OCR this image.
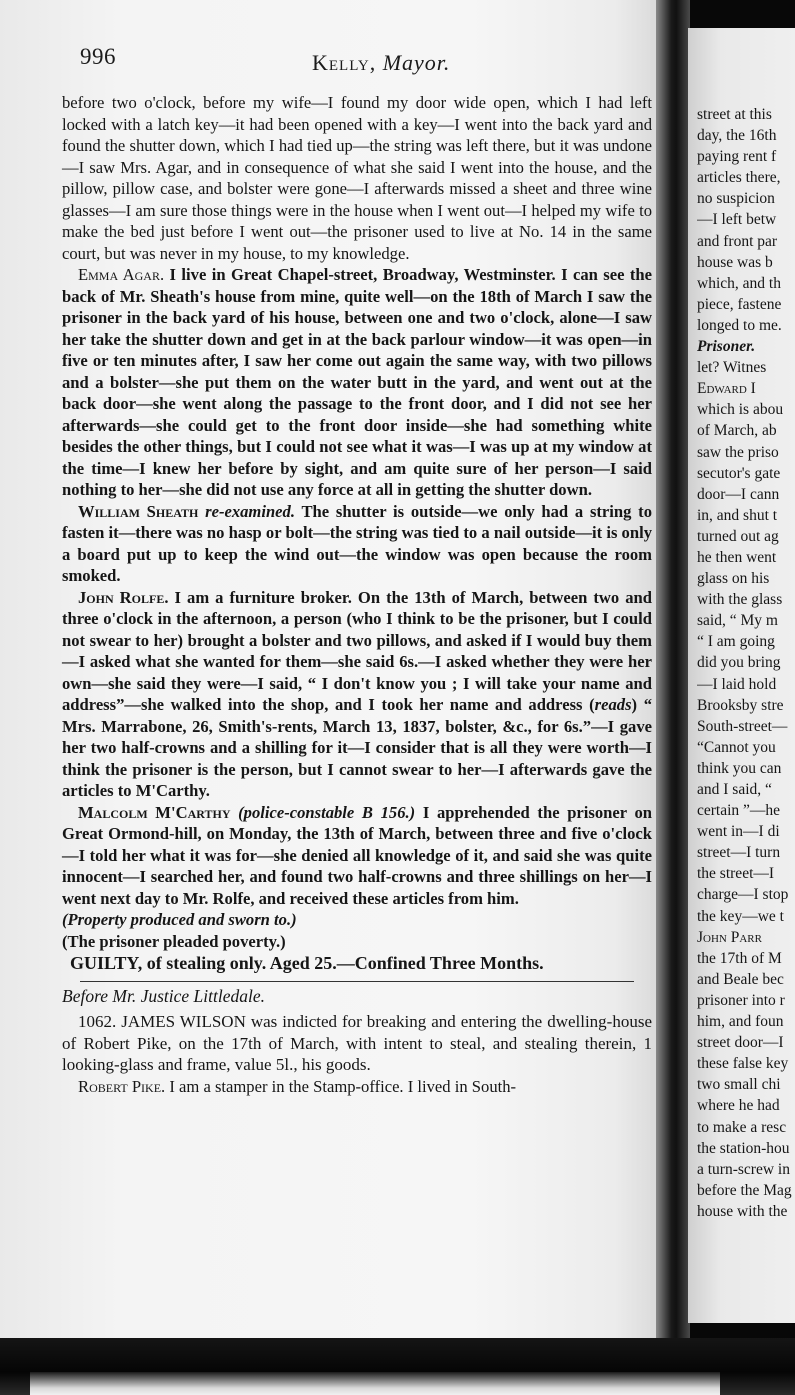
996	Kelly, Mayor.

before two o'clock, before my wife—I found my door wide open, which I had left locked with a latch key—it had been opened with a key—I went into the back yard and found the shutter down, which I had tied up—the string was left there, but it was undone—I saw Mrs. Agar, and in consequence of what she said I went into the house, and the pillow, pillow case, and bolster were gone—I afterwards missed a sheet and three wine glasses—I am sure those things were in the house when I went out—I helped my wife to make the bed just before I went out—the prisoner used to live at No. 14 in the same court, but was never in my house, to my knowledge.

Emma Agar. I live in Great Chapel-street, Broadway, Westminster. I can see the back of Mr. Sheath's house from mine, quite well—on the 18th of March I saw the prisoner in the back yard of his house, between one and two o'clock, alone—I saw her take the shutter down and get in at the back parlour window—it was open—in five or ten minutes after, I saw her come out again the same way, with two pillows and a bolster—she put them on the water butt in the yard, and went out at the back door—she went along the passage to the front door, and I did not see her afterwards—she could get to the front door inside—she had something white besides the other things, but I could not see what it was—I was up at my window at the time—I knew her before by sight, and am quite sure of her person—I said nothing to her—she did not use any force at all in getting the shutter down.

William Sheath re-examined. The shutter is outside—we only had a string to fasten it—there was no hasp or bolt—the string was tied to a nail outside—it is only a board put up to keep the wind out—the window was open because the room smoked.

John Rolfe. I am a furniture broker. On the 13th of March, between two and three o'clock in the afternoon, a person (who I think to be the prisoner, but I could not swear to her) brought a bolster and two pillows, and asked if I would buy them—I asked what she wanted for them—she said 6s.—I asked whether they were her own—she said they were—I said, “ I don't know you ; I will take your name and address”—she walked into the shop, and I took her name and address (reads) “ Mrs. Marrabone, 26, Smith's-rents, March 13, 1837, bolster, &c., for 6s.”—I gave her two half-crowns and a shilling for it—I consider that is all they were worth—I think the prisoner is the person, but I cannot swear to her—I afterwards gave the articles to M'Carthy.

Malcolm M'Carthy (police-constable B 156.) I apprehended the prisoner on Great Ormond-hill, on Monday, the 13th of March, between three and five o'clock—I told her what it was for—she denied all knowledge of it, and said she was quite innocent—I searched her, and found two half-crowns and three shillings on her—I went next day to Mr. Rolfe, and received these articles from him.

(Property produced and sworn to.)

(The prisoner pleaded poverty.)

GUILTY, of stealing only. Aged 25.—Confined Three Months.

Before Mr. Justice Littledale.

1062. JAMES WILSON was indicted for breaking and entering the dwelling-house of Robert Pike, on the 17th of March, with intent to steal, and stealing therein, 1 looking-glass and frame, value 5l., his goods.

Robert Pike. I am a stamper in the Stamp-office. I lived in South-

street at this
day, the 16th
paying rent f
articles there,
no suspicion
—I left betw
and front par
house was b
which, and th
piece, fastene
longed to me.
Prisoner.
let? Witnes
Edward I
which is abou
of March, ab
saw the priso
secutor's gate
door—I cann
in, and shut t
turned out ag
he then went
glass on his
with the glass
said, “ My m
“ I am going
did you bring
—I laid hold
Brooksby stre
South-street—
“Cannot you
think you can
and I said, “
certain ”—he
went in—I di
street—I turn
the street—I
charge—I stop
the key—we t
John Parr
the 17th of M
and Beale bec
prisoner into r
him, and foun
street door—I
these false key
two small chi
where he had
to make a resc
the station-hou
a turn-screw in
before the Mag
house with the
